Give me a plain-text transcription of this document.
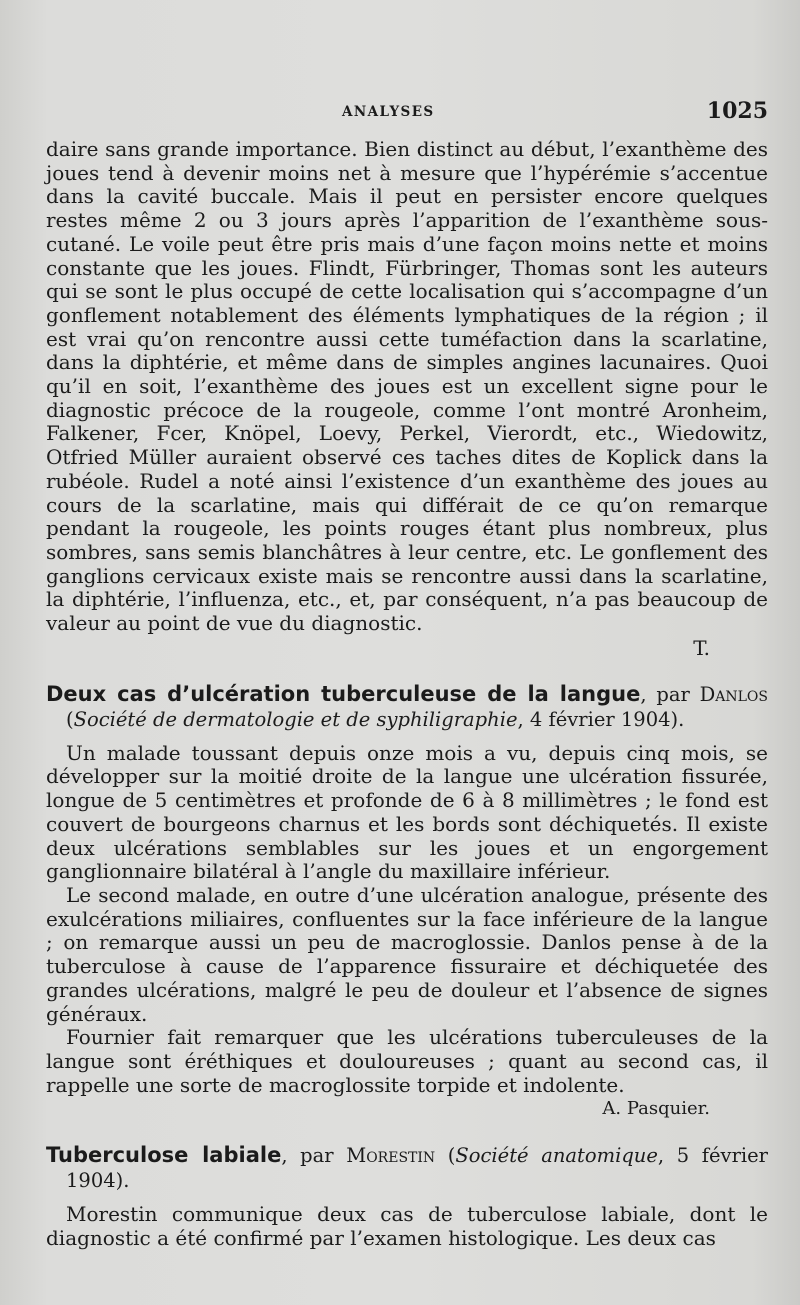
ANALYSES	1025

daire sans grande importance. Bien distinct au début, l’exanthème des joues tend à devenir moins net à mesure que l’hypérémie s’accentue dans la cavité buccale. Mais il peut en persister encore quelques restes même 2 ou 3 jours après l’apparition de l’exanthème sous-cutané. Le voile peut être pris mais d’une façon moins nette et moins constante que les joues. Flindt, Fürbringer, Thomas sont les auteurs qui se sont le plus occupé de cette localisation qui s’accompagne d’un gonflement notablement des éléments lymphatiques de la région ; il est vrai qu’on rencontre aussi cette tuméfaction dans la scarlatine, dans la diphtérie, et même dans de simples angines lacunaires. Quoi qu’il en soit, l’exanthème des joues est un excellent signe pour le diagnostic précoce de la rougeole, comme l’ont montré Aronheim, Falkener, Fcer, Knöpel, Loevy, Perkel, Vierordt, etc., Wiedowitz, Otfried Müller auraient observé ces taches dites de Koplick dans la rubéole. Rudel a noté ainsi l’existence d’un exanthème des joues au cours de la scarlatine, mais qui différait de ce qu’on remarque pendant la rougeole, les points rouges étant plus nombreux, plus sombres, sans semis blanchâtres à leur centre, etc. Le gonflement des ganglions cervicaux existe mais se rencontre aussi dans la scarlatine, la diphtérie, l’influenza, etc., et, par conséquent, n’a pas beaucoup de valeur au point de vue du diagnostic.

T.

Deux cas d’ulcération tuberculeuse de la langue, par Danlos (Société de dermatologie et de syphiligraphie, 4 février 1904).

Un malade toussant depuis onze mois a vu, depuis cinq mois, se développer sur la moitié droite de la langue une ulcération fissurée, longue de 5 centimètres et profonde de 6 à 8 millimètres ; le fond est couvert de bourgeons charnus et les bords sont déchiquetés. Il existe deux ulcérations semblables sur les joues et un engorgement ganglionnaire bilatéral à l’angle du maxillaire inférieur.

Le second malade, en outre d’une ulcération analogue, présente des exulcérations miliaires, confluentes sur la face inférieure de la langue ; on remarque aussi un peu de macroglossie. Danlos pense à de la tuberculose à cause de l’apparence fissuraire et déchiquetée des grandes ulcérations, malgré le peu de douleur et l’absence de signes généraux.

Fournier fait remarquer que les ulcérations tuberculeuses de la langue sont éréthiques et douloureuses ; quant au second cas, il rappelle une sorte de macroglossite torpide et indolente.

A. Pasquier.

Tuberculose labiale, par Morestin (Société anatomique, 5 février 1904).

Morestin communique deux cas de tuberculose labiale, dont le diagnostic a été confirmé par l’examen histologique. Les deux cas
